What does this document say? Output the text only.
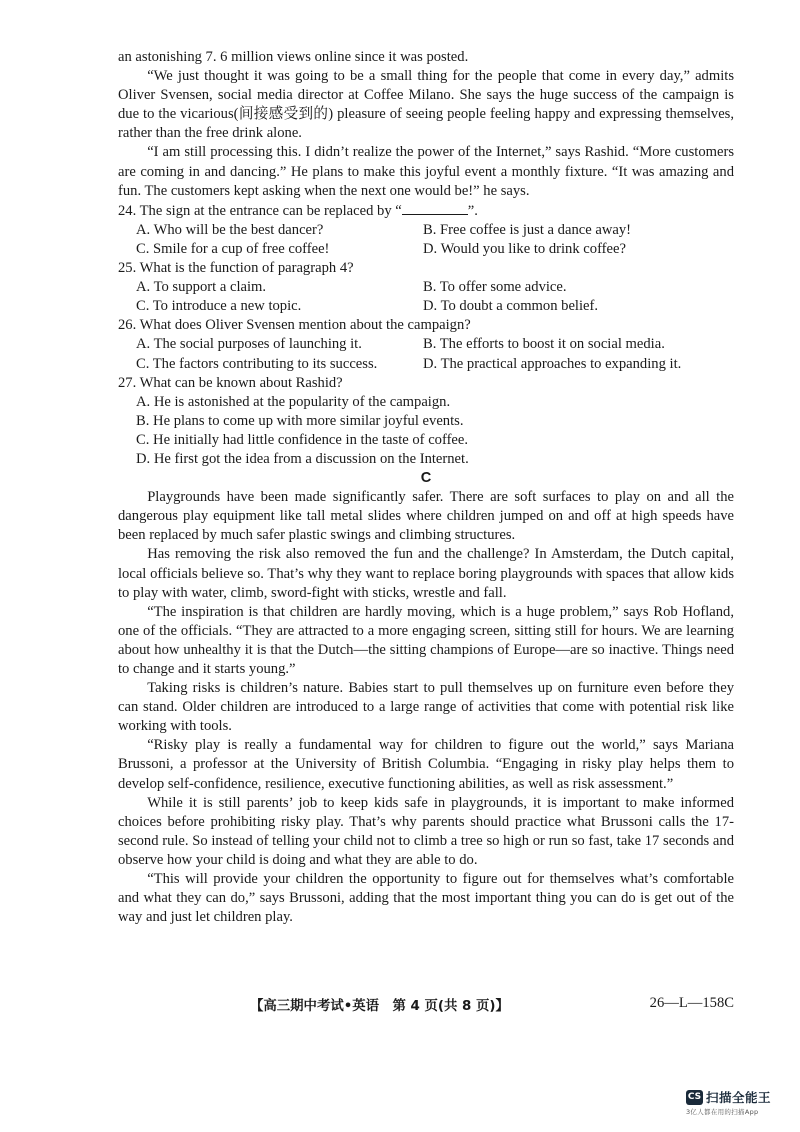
an astonishing 7. 6 million views online since it was posted.

“We just thought it was going to be a small thing for the people that come in every day,” admits Oliver Svensen, social media director at Coffee Milano. She says the huge success of the campaign is due to the vicarious(间接感受到的) pleasure of seeing people feeling happy and expressing themselves, rather than the free drink alone.

“I am still processing this. I didn’t realize the power of the Internet,” says Rashid. “More customers are coming in and dancing.” He plans to make this joyful event a monthly fixture. “It was amazing and fun. The customers kept asking when the next one would be!” he says.

24. The sign at the entrance can be replaced by “	”.

A. Who will be the best dancer?	B. Free coffee is just a dance away!
C. Smile for a cup of free coffee!	D. Would you like to drink coffee?

25. What is the function of paragraph 4?

A. To support a claim.	B. To offer some advice.
C. To introduce a new topic.	D. To doubt a common belief.

26. What does Oliver Svensen mention about the campaign?

A. The social purposes of launching it.	B. The efforts to boost it on social media.
C. The factors contributing to its success.	D. The practical approaches to expanding it.

27. What can be known about Rashid?

A. He is astonished at the popularity of the campaign.

B. He plans to come up with more similar joyful events.

C. He initially had little confidence in the taste of coffee.

D. He first got the idea from a discussion on the Internet.

C

Playgrounds have been made significantly safer. There are soft surfaces to play on and all the dangerous play equipment like tall metal slides where children jumped on and off at high speeds have been replaced by much safer plastic swings and climbing structures.

Has removing the risk also removed the fun and the challenge? In Amsterdam, the Dutch capital, local officials believe so. That’s why they want to replace boring playgrounds with spaces that allow kids to play with water, climb, sword-fight with sticks, wrestle and fall.

“The inspiration is that children are hardly moving, which is a huge problem,” says Rob Hofland, one of the officials. “They are attracted to a more engaging screen, sitting still for hours. We are learning about how unhealthy it is that the Dutch—the sitting champions of Europe—are so inactive. Things need to change and it starts young.”

Taking risks is children’s nature. Babies start to pull themselves up on furniture even before they can stand. Older children are introduced to a large range of activities that come with potential risk like working with tools.

“Risky play is really a fundamental way for children to figure out the world,” says Mariana Brussoni, a professor at the University of British Columbia. “Engaging in risky play helps them to develop self-confidence, resilience, executive functioning abilities, as well as risk assessment.”

While it is still parents’ job to keep kids safe in playgrounds, it is important to make informed choices before prohibiting risky play. That’s why parents should practice what Brussoni calls the 17-second rule. So instead of telling your child not to climb a tree so high or run so fast, take 17 seconds and observe how your child is doing and what they are able to do.

“This will provide your children the opportunity to figure out for themselves what’s comfortable and what they can do,” says Brussoni, adding that the most important thing you can do is get out of the way and just let children play.

【高三期中考试•英语　第 4 页(共 8 页)】	26—L—158C
CS 扫描全能王
3亿人都在用的扫描App
